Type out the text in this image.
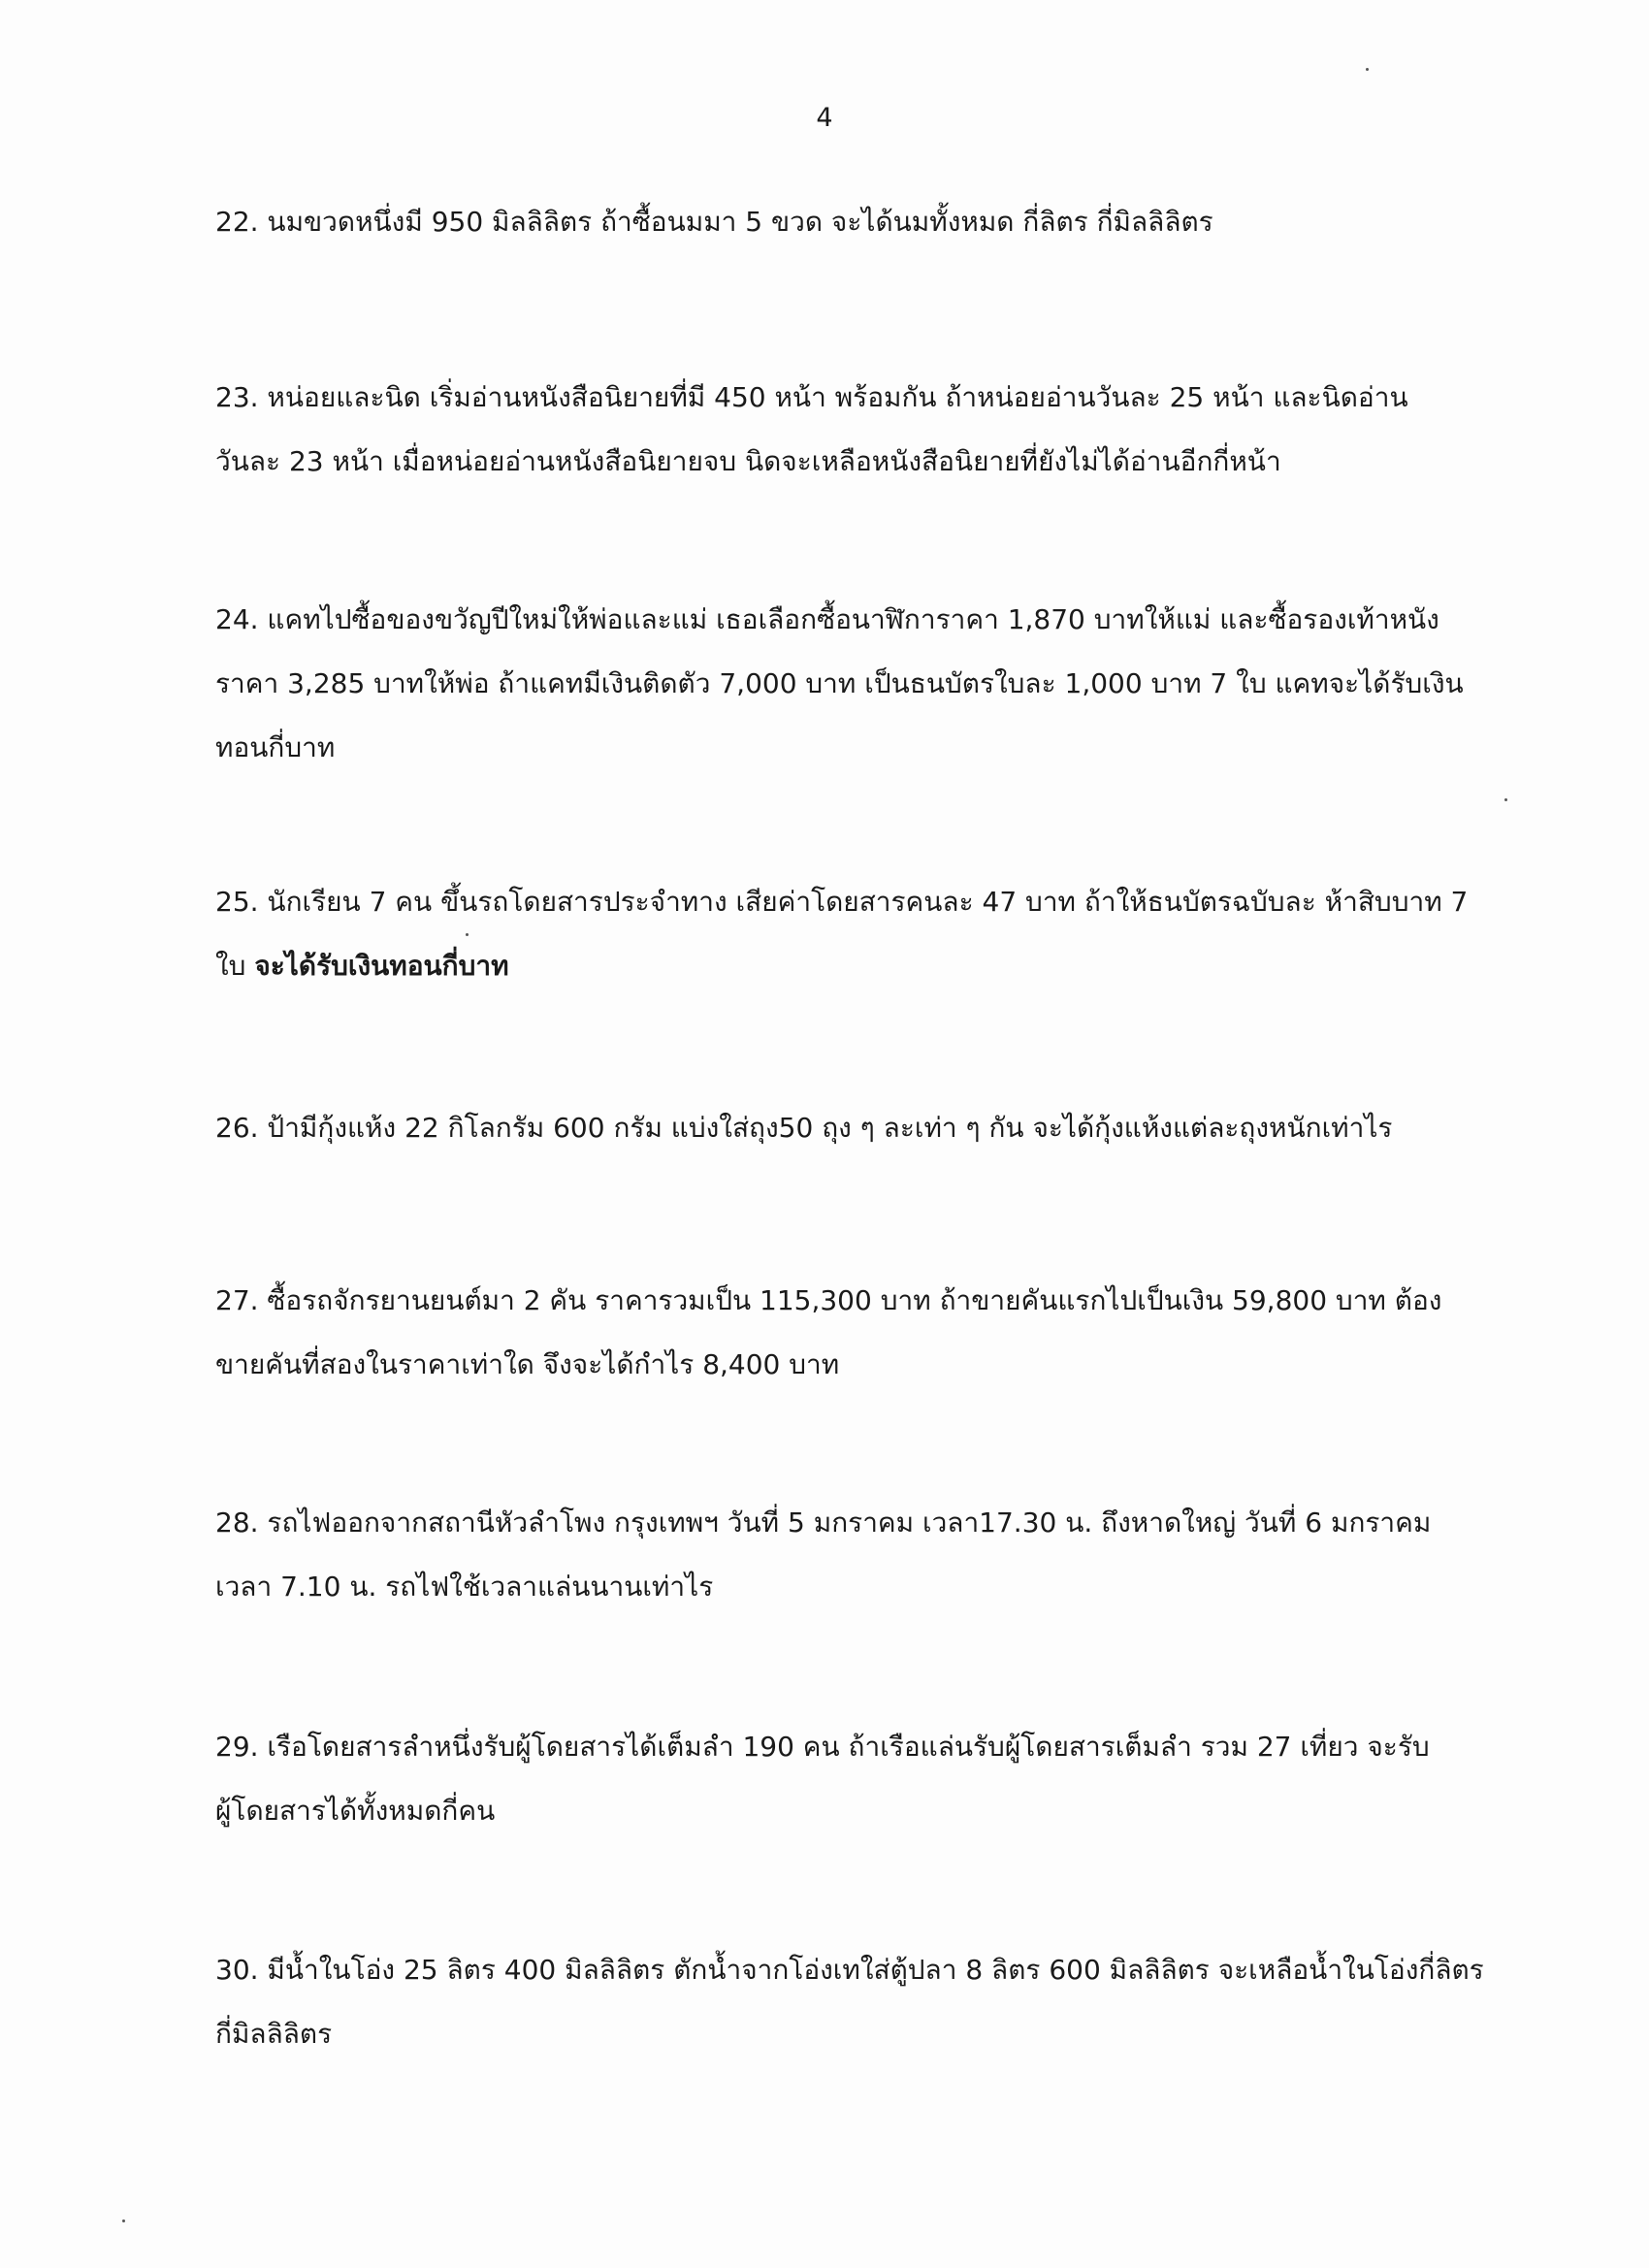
4

22. นมขวดหนึ่งมี 950 มิลลิลิตร ถ้าซื้อนมมา 5 ขวด จะได้นมทั้งหมด กี่ลิตร กี่มิลลิลิตร

23. หน่อยและนิด เริ่มอ่านหนังสือนิยายที่มี 450 หน้า พร้อมกัน ถ้าหน่อยอ่านวันละ 25 หน้า และนิดอ่าน
วันละ 23 หน้า เมื่อหน่อยอ่านหนังสือนิยายจบ นิดจะเหลือหนังสือนิยายที่ยังไม่ได้อ่านอีกกี่หน้า

24. แคทไปซื้อของขวัญปีใหม่ให้พ่อและแม่ เธอเลือกซื้อนาฬิการาคา 1,870 บาทให้แม่ และซื้อรองเท้าหนัง
ราคา 3,285 บาทให้พ่อ ถ้าแคทมีเงินติดตัว 7,000 บาท เป็นธนบัตรใบละ 1,000 บาท 7 ใบ แคทจะได้รับเงิน
ทอนกี่บาท

25. นักเรียน 7 คน ขึ้นรถโดยสารประจำทาง เสียค่าโดยสารคนละ 47 บาท ถ้าให้ธนบัตรฉบับละ ห้าสิบบาท 7
ใบ จะได้รับเงินทอนกี่บาท

26. ป้ามีกุ้งแห้ง 22 กิโลกรัม 600 กรัม แบ่งใส่ถุง50 ถุง ๆ ละเท่า ๆ กัน จะได้กุ้งแห้งแต่ละถุงหนักเท่าไร

27. ซื้อรถจักรยานยนต์มา 2 คัน ราคารวมเป็น 115,300 บาท ถ้าขายคันแรกไปเป็นเงิน 59,800 บาท ต้อง
ขายคันที่สองในราคาเท่าใด จึงจะได้กำไร 8,400 บาท

28. รถไฟออกจากสถานีหัวลำโพง กรุงเทพฯ วันที่ 5 มกราคม เวลา17.30 น. ถึงหาดใหญ่ วันที่ 6 มกราคม
เวลา 7.10 น. รถไฟใช้เวลาแล่นนานเท่าไร

29. เรือโดยสารลำหนึ่งรับผู้โดยสารได้เต็มลำ 190 คน ถ้าเรือแล่นรับผู้โดยสารเต็มลำ รวม 27 เที่ยว จะรับ
ผู้โดยสารได้ทั้งหมดกี่คน

30. มีน้ำในโอ่ง 25 ลิตร 400 มิลลิลิตร ตักน้ำจากโอ่งเทใส่ตู้ปลา 8 ลิตร 600 มิลลิลิตร จะเหลือน้ำในโอ่งกี่ลิตร
กี่มิลลิลิตร
